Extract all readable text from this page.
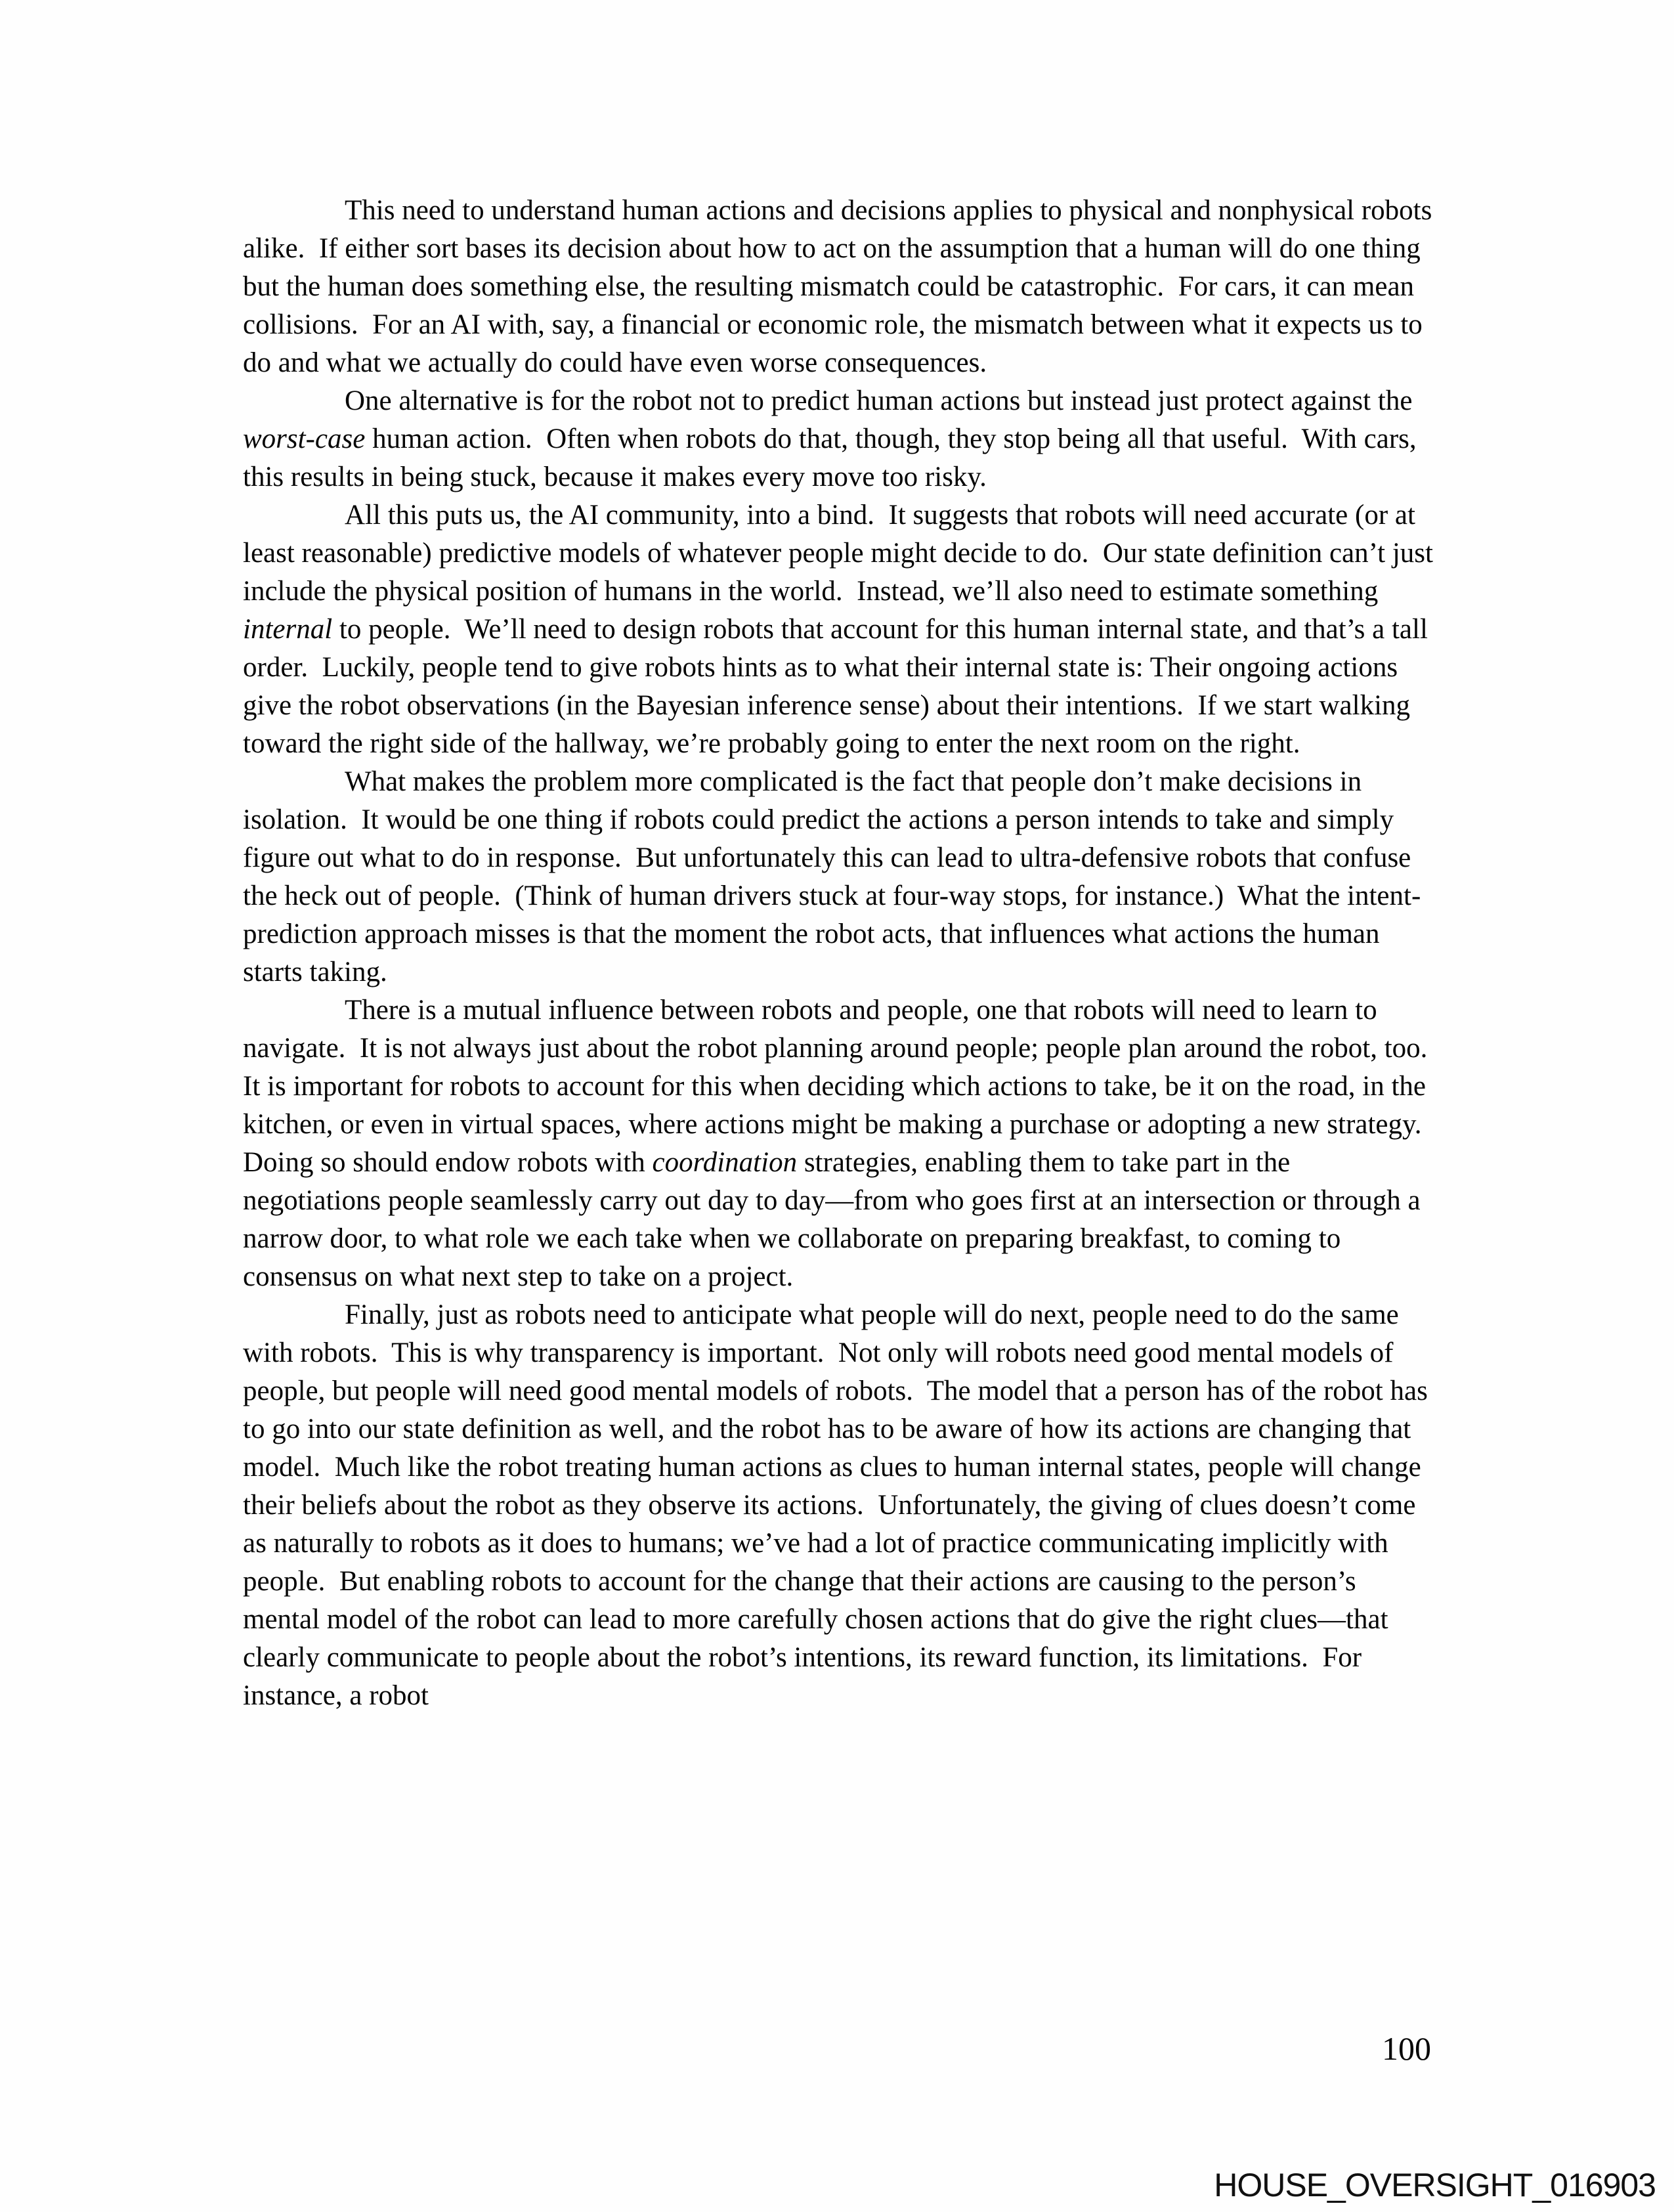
This need to understand human actions and decisions applies to physical and nonphysical robots alike.  If either sort bases its decision about how to act on the assumption that a human will do one thing but the human does something else, the resulting mismatch could be catastrophic.  For cars, it can mean collisions.  For an AI with, say, a financial or economic role, the mismatch between what it expects us to do and what we actually do could have even worse consequences.

One alternative is for the robot not to predict human actions but instead just protect against the worst-case human action.  Often when robots do that, though, they stop being all that useful.  With cars, this results in being stuck, because it makes every move too risky.

All this puts us, the AI community, into a bind.  It suggests that robots will need accurate (or at least reasonable) predictive models of whatever people might decide to do.  Our state definition can’t just include the physical position of humans in the world.  Instead, we’ll also need to estimate something internal to people.  We’ll need to design robots that account for this human internal state, and that’s a tall order.  Luckily, people tend to give robots hints as to what their internal state is: Their ongoing actions give the robot observations (in the Bayesian inference sense) about their intentions.  If we start walking toward the right side of the hallway, we’re probably going to enter the next room on the right.

What makes the problem more complicated is the fact that people don’t make decisions in isolation.  It would be one thing if robots could predict the actions a person intends to take and simply figure out what to do in response.  But unfortunately this can lead to ultra-defensive robots that confuse the heck out of people.  (Think of human drivers stuck at four-way stops, for instance.)  What the intent-prediction approach misses is that the moment the robot acts, that influences what actions the human starts taking.

There is a mutual influence between robots and people, one that robots will need to learn to navigate.  It is not always just about the robot planning around people; people plan around the robot, too.  It is important for robots to account for this when deciding which actions to take, be it on the road, in the kitchen, or even in virtual spaces, where actions might be making a purchase or adopting a new strategy.  Doing so should endow robots with coordination strategies, enabling them to take part in the negotiations people seamlessly carry out day to day—from who goes first at an intersection or through a narrow door, to what role we each take when we collaborate on preparing breakfast, to coming to consensus on what next step to take on a project.

Finally, just as robots need to anticipate what people will do next, people need to do the same with robots.  This is why transparency is important.  Not only will robots need good mental models of people, but people will need good mental models of robots.  The model that a person has of the robot has to go into our state definition as well, and the robot has to be aware of how its actions are changing that model.  Much like the robot treating human actions as clues to human internal states, people will change their beliefs about the robot as they observe its actions.  Unfortunately, the giving of clues doesn’t come as naturally to robots as it does to humans; we’ve had a lot of practice communicating implicitly with people.  But enabling robots to account for the change that their actions are causing to the person’s mental model of the robot can lead to more carefully chosen actions that do give the right clues—that clearly communicate to people about the robot’s intentions, its reward function, its limitations.  For instance, a robot

100
HOUSE_OVERSIGHT_016903
